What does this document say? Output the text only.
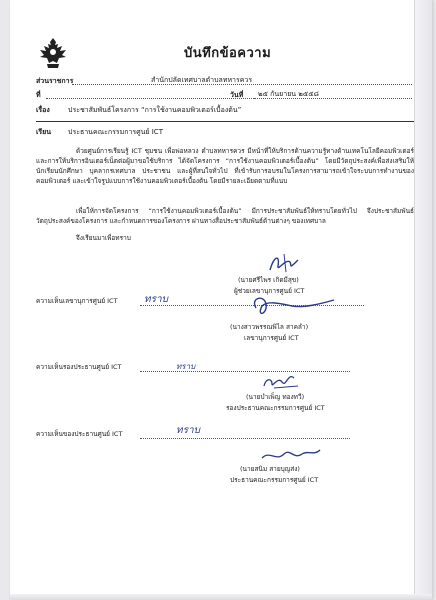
บันทึกข้อความ
ส่วนราชการ	สำนักปลัดเทศบาลตำบลทหารควร
ที่	วันที่ ๒๕ กันยายน ๒๕๕๘
เรื่อง	ประชาสัมพันธ์โครงการ “การใช้งานคอมพิวเตอร์เบื้องต้น”
เรียน ประธานคณะกรรมการศูนย์ ICT
ด้วยศูนย์การเรียนรู้ ICT ชุมชน เพื่อพ่อหลวง ตำบลทหารควร มีหน้าที่ให้บริการด้านความรู้ทางด้านเทคโนโลยีคอมพิวเตอร์ และการให้บริการอินเตอร์เน็ตต่อผู้มาขอใช้บริการ ได้จัดโครงการ “การใช้งานคอมพิวเตอร์เบื้องต้น” โดยมีวัตถุประสงค์เพื่อส่งเสริมให้นักเรียนนักศึกษา บุคลากรเทศบาล ประชาชน และผู้ที่สนใจทั่วไป ที่เข้ารับการอบรมในโครงการสามารถเข้าใจระบบการทำงานของคอมพิวเตอร์ และเข้าใจรูปแบบการใช้งานคอมพิวเตอร์เบื้องต้น โดยมีรายละเอียดตามที่แนบ
เพื่อให้การจัดโครงการ “การใช้งานคอมพิวเตอร์เบื้องต้น” มีการประชาสัมพันธ์ให้ทราบโดยทั่วไป จึงประชาสัมพันธ์วัตถุประสงค์ของโครงการ และกำหนดการของโครงการ ผ่านทางสื่อประชาสัมพันธ์ด้านต่างๆ ของเทศบาล
จึงเรียนมาเพื่อทราบ
(นายศรีไพร เกิดมีสุข)
ผู้ช่วยเลขานุการศูนย์ ICT
ความเห็นเลขานุการศูนย์ ICT	ทราบ
(นางสาวพรรณพิไล สาคลำ)
เลขานุการศูนย์ ICT
ความเห็นรองประธานศูนย์ ICT	ทราบ
(นายบำเพ็ญ ทองทวี)
รองประธานคณะกรรมการศูนย์ ICT
ความเห็นของประธานศูนย์ ICT	ทราบ
(นายสนิม สายบุญส่ง)
ประธานคณะกรรมการศูนย์ ICT
